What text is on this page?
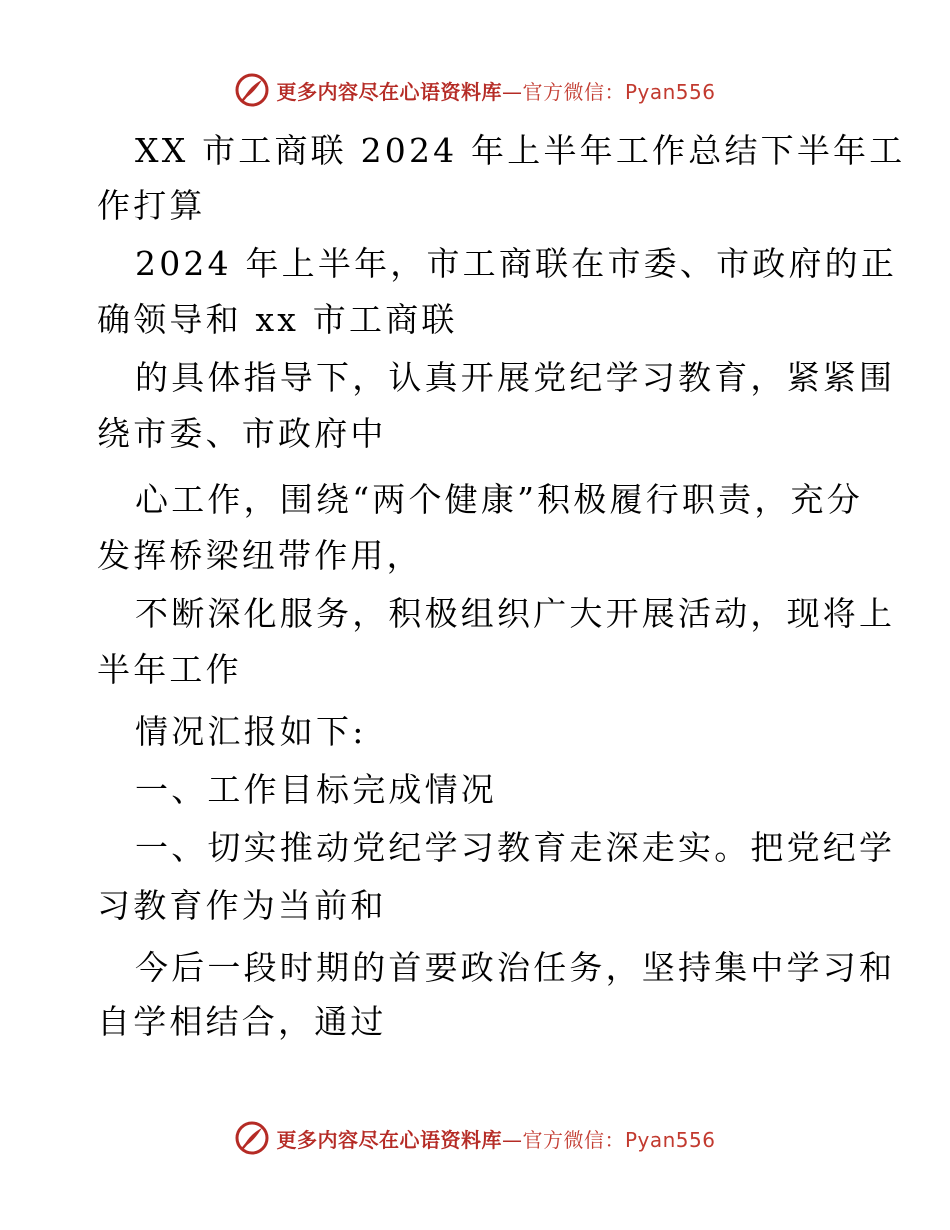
更多内容尽在心语资料库—官方微信：Pyan556
XX 市工商联 2024 年上半年工作总结下半年工
作打算
2024 年上半年，市工商联在市委、市政府的正
确领导和 xx 市工商联
的具体指导下，认真开展党纪学习教育，紧紧围
绕市委、市政府中
心工作，围绕“两个健康”积极履行职责，充分
发挥桥梁纽带作用，
不断深化服务，积极组织广大开展活动，现将上
半年工作
情况汇报如下:
一、工作目标完成情况
一、切实推动党纪学习教育走深走实。把党纪学
习教育作为当前和
今后一段时期的首要政治任务，坚持集中学习和
自学相结合，通过
更多内容尽在心语资料库—官方微信：Pyan556
